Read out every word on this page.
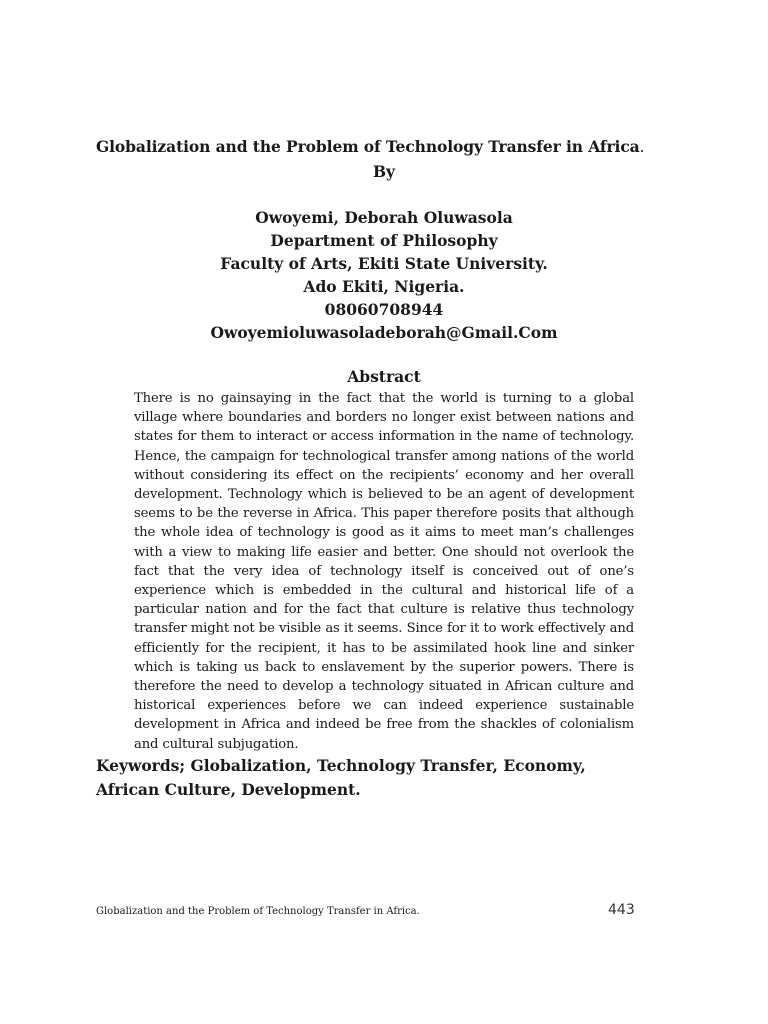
Globalization and the Problem of Technology Transfer in Africa.
By
Owoyemi, Deborah Oluwasola
Department of Philosophy
Faculty of Arts, Ekiti State University.
Ado Ekiti, Nigeria.
08060708944
Owoyemioluwasoladeborah@Gmail.Com
Abstract
There is no gainsaying in the fact that the world is turning to a global village where boundaries and borders no longer exist between nations and states for them to interact or access information in the name of technology. Hence, the campaign for technological transfer among nations of the world without considering its effect on the recipients’ economy and her overall development. Technology which is believed to be an agent of development seems to be the reverse in Africa. This paper therefore posits that although the whole idea of technology is good as it aims to meet man’s challenges with a view to making life easier and better. One should not overlook the fact that the very idea of technology itself is conceived out of one’s experience which is embedded in the cultural and historical life of a particular nation and for the fact that culture is relative thus technology transfer might not be visible as it seems. Since for it to work effectively and efficiently for the recipient, it has to be assimilated hook line and sinker which is taking us back to enslavement by the superior powers. There is therefore the need to develop a technology situated in African culture and historical experiences before we can indeed experience sustainable development in Africa and indeed be free from the shackles of colonialism and cultural subjugation.
Keywords; Globalization, Technology Transfer, Economy, African Culture, Development.
Globalization and the Problem of Technology Transfer in Africa.	443
